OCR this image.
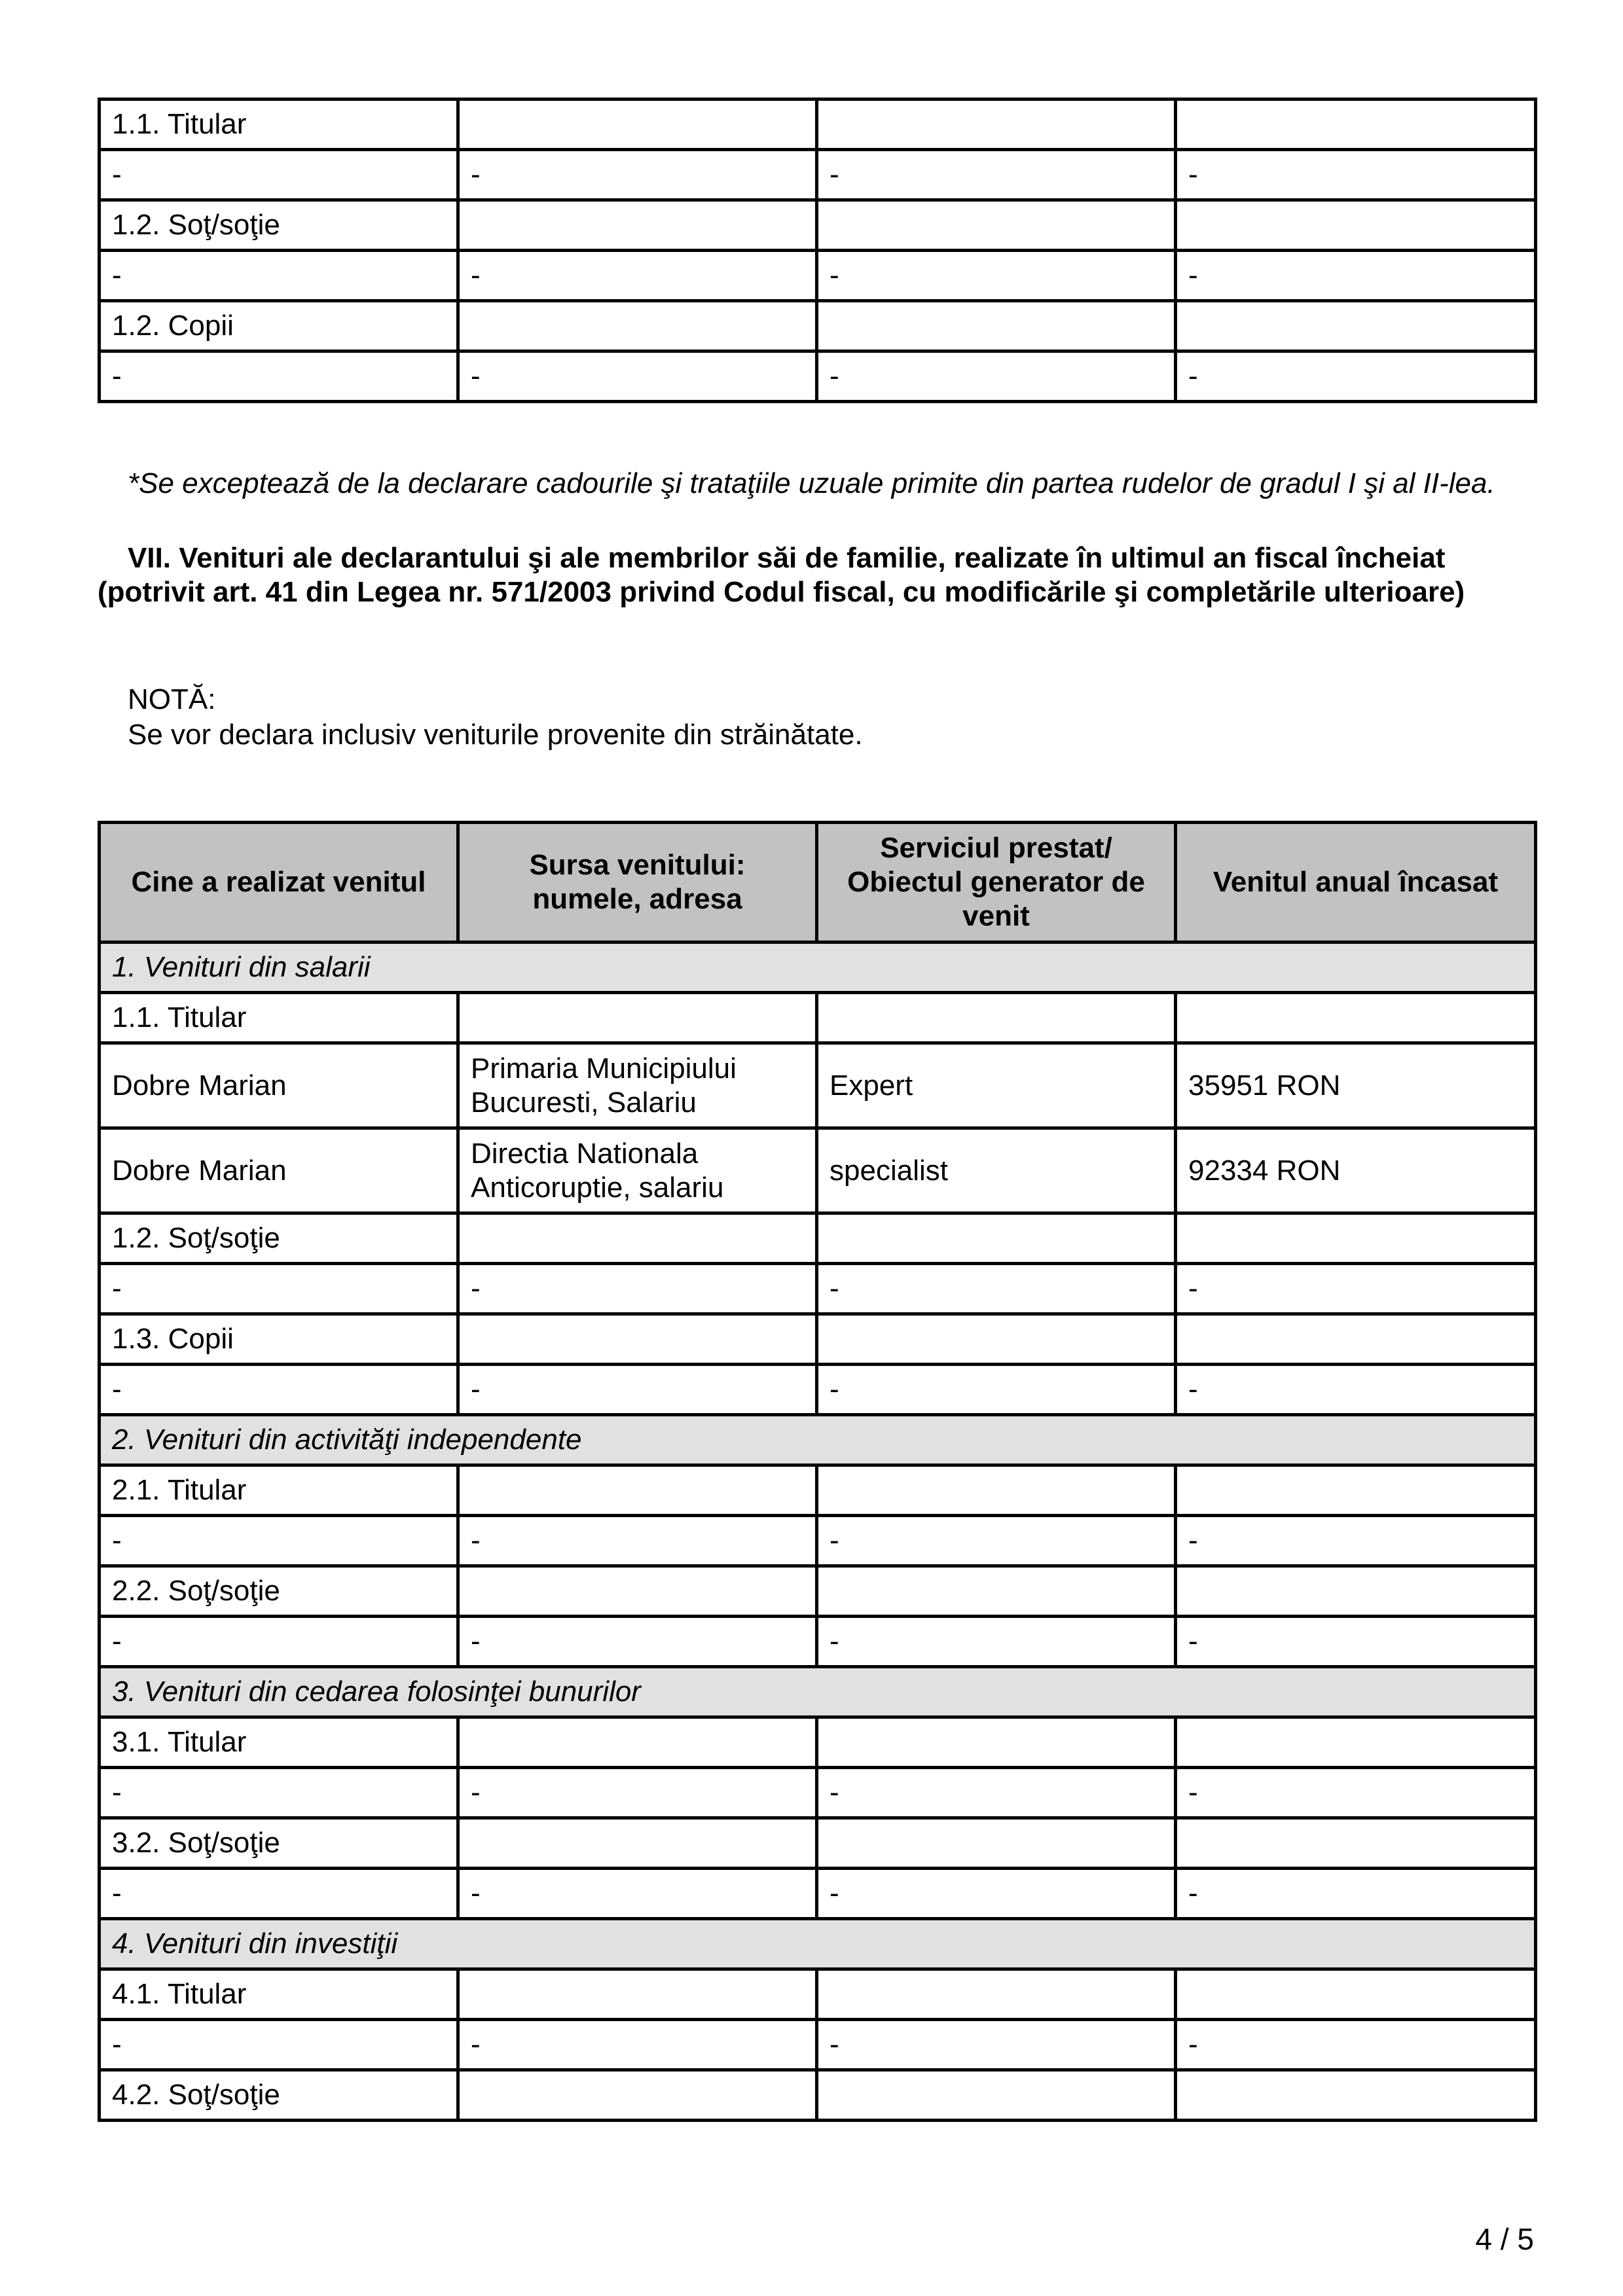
1.1. Titular			
-	-	-	-
1.2. Soţ/soţie			
-	-	-	-
1.2. Copii			
-	-	-	-
*Se exceptează de la declarare cadourile şi trataţiile uzuale primite din partea rudelor de gradul I şi al II-lea.
VII. Venituri ale declarantului şi ale membrilor săi de familie, realizate în ultimul an fiscal încheiat (potrivit art. 41 din Legea nr. 571/2003 privind Codul fiscal, cu modificările şi completările ulterioare)
NOTĂ:
Se vor declara inclusiv veniturile provenite din străinătate.
Cine a realizat venitul	Sursa venitului: numele, adresa	Serviciul prestat/ Obiectul generator de venit	Venitul anual încasat
1. Venituri din salarii			
1.1. Titular			
Dobre Marian	Primaria Municipiului Bucuresti, Salariu	Expert	35951 RON
Dobre Marian	Directia Nationala Anticoruptie, salariu	specialist	92334 RON
1.2. Soţ/soţie			
-	-	-	-
1.3. Copii			
-	-	-	-
2. Venituri din activităţi independente			
2.1. Titular			
-	-	-	-
2.2. Soţ/soţie			
-	-	-	-
3. Venituri din cedarea folosinţei bunurilor			
3.1. Titular			
-	-	-	-
3.2. Soţ/soţie			
-	-	-	-
4. Venituri din investiţii			
4.1. Titular			
-	-	-	-
4.2. Soţ/soţie			
4 / 5
